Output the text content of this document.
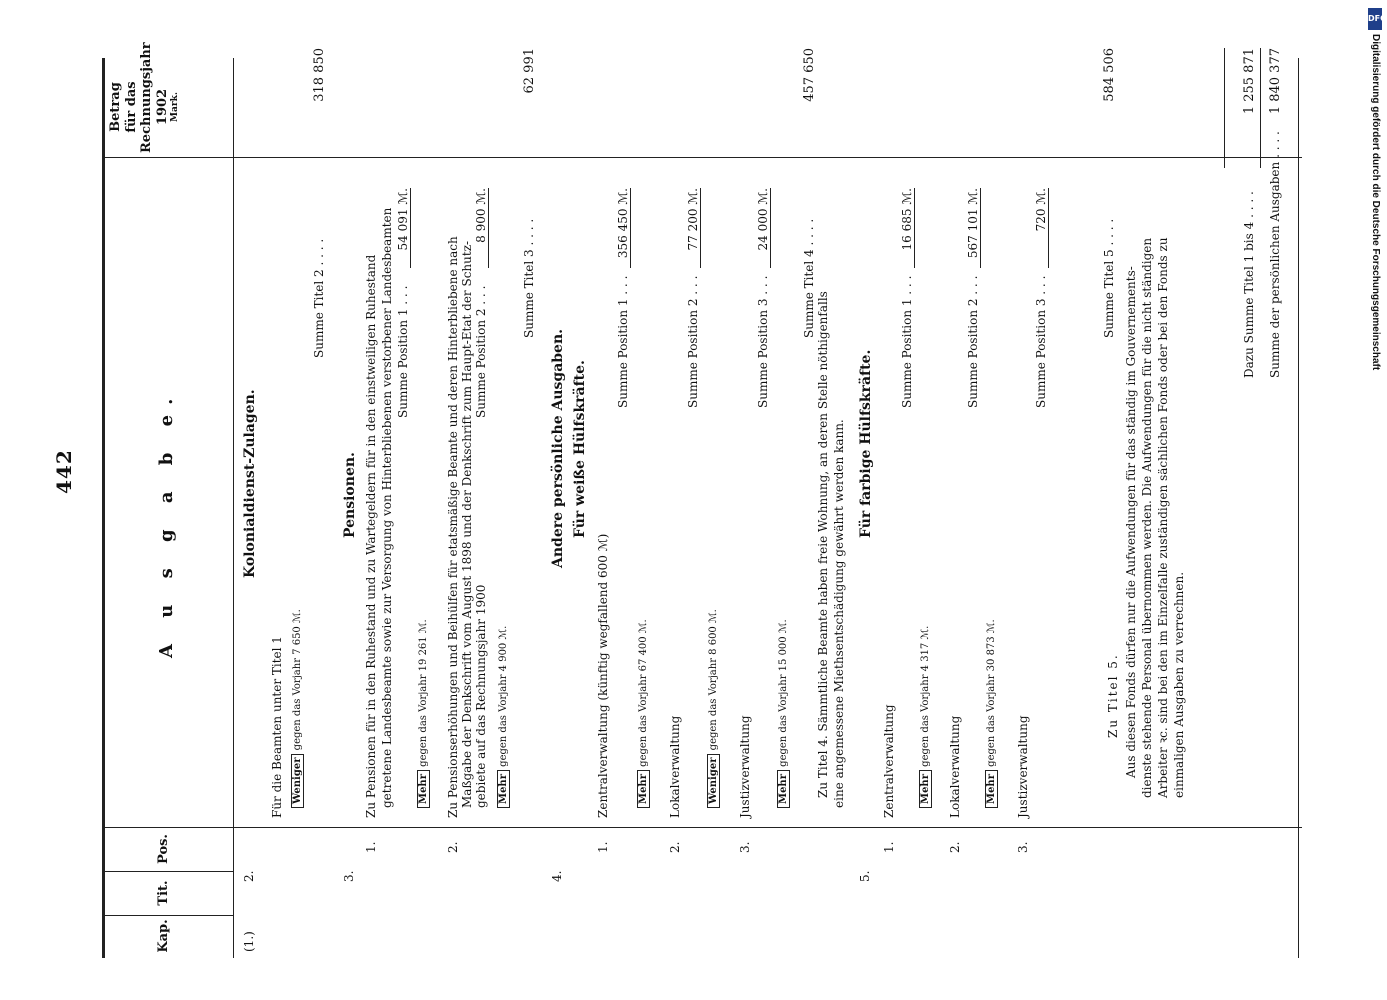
442
DFG
Digitalisierung gefördert durch die Deutsche Forschungsgemeinschaft
Kap.
Tit.
Pos.
A u s g a b e.
Betrag für das Rechnungsjahr 1902 Mark.
(1.)
2.
Kolonialdienst-Zulagen.
Für die Beamten unter Titel 1 Weniger gegen das Vorjahr 7 650 ℳ.
Summe Titel 2 . . . .
318 850
3.
Pensionen.
1.
Zu Pensionen für in den Ruhestand und zu Wartegeldern für in den einstweiligen Ruhestand getretene Landesbeamte sowie zur Versorgung von Hinterbliebenen verstorbener Landesbeamten Summe Position 1 . . .
54 091 ℳ.
Mehr gegen das Vorjahr 19 261 ℳ.
2.
Zu Pensionserhöhungen und Beihülfen für etatsmäßige Beamte und deren Hinterbliebene nach Maßgabe der Denkschrift vom August 1898 und der Denkschrift zum Haupt-Etat der Schutz- gebiete auf das Rechnungsjahr 1900
Summe Position 2 . . .
8 900 ℳ.
Mehr gegen das Vorjahr 4 900 ℳ.
Summe Titel 3 . . . .
62 991
4.
Andere persönliche Ausgaben. Für weiße Hülfskräfte.
1.
Zentralverwaltung (künftig wegfallend 600 ℳ)
Summe Position 1 . . .
356 450 ℳ.
Mehr gegen das Vorjahr 67 400 ℳ.
2.
Lokalverwaltung
Summe Position 2 . . .
77 200 ℳ.
Weniger gegen das Vorjahr 8 600 ℳ.
3.
Justizverwaltung
Summe Position 3 . . .
24 000 ℳ.
Mehr gegen das Vorjahr 15 000 ℳ.
Summe Titel 4 . . . .
457 650
Zu Titel 4. Sämmtliche Beamte haben freie Wohnung, an deren Stelle nöthigenfalls eine angemessene Miethsentschädigung gewährt werden kann.
5.
Für farbige Hülfskräfte.
1.
Zentralverwaltung
Summe Position 1 . . .
16 685 ℳ.
Mehr gegen das Vorjahr 4 317 ℳ.
2.
Lokalverwaltung
Summe Position 2 . . .
567 101 ℳ.
Mehr gegen das Vorjahr 30 873 ℳ.
3.
Justizverwaltung
Summe Position 3 . . .
720 ℳ.
Summe Titel 5 . . . .
584 506
Zu Titel 5. Aus diesen Fonds dürfen nur die Aufwendungen für das ständig im Gouvernements- dienste stehende Personal übernommen werden. Die Aufwendungen für die nicht ständigen Arbeiter ꝛc. sind bei den im Einzelfalle zuständigen sächlichen Fonds oder bei den Fonds zu einmaligen Ausgaben zu verrechnen.
Dazu Summe Titel 1 bis 4 . . . .
1 255 871
Summe der persönlichen Ausgaben . . . .
1 840 377
